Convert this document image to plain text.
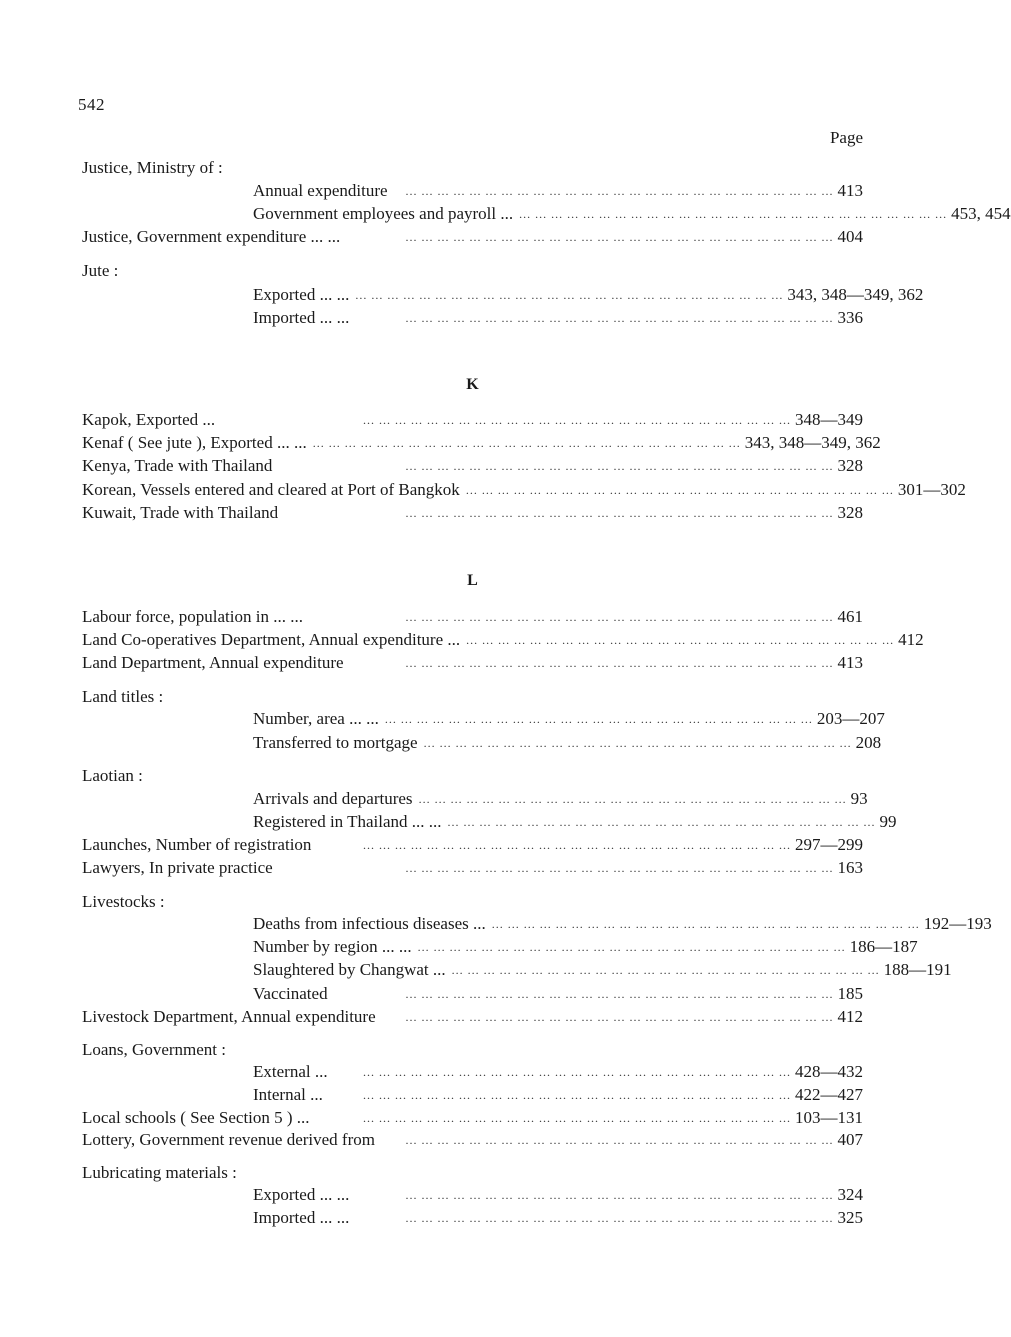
542
Page
Justice, Ministry of :
Annual expenditure	... ... ... ... ... ... ... ... ... ... ... ... ... ... ... ... ... ... ... ... ... ... ... ... ... ... ... 413
Government employees and payroll ... ... ... ... ... ... ... ... ... ... ... ... ... ... ... ... ... ... ... ... ... ... ... ... ... ... ... ... 453, 454
Justice, Government expenditure ... ...	... ... ... ... ... ... ... ... ... ... ... ... ... ... ... ... ... ... ... ... ... ... ... ... ... ... ... 404
Jute :
Exported ... ... ... ... ... ... ... ... ... ... ... ... ... ... ... ... ... ... ... ... ... ... ... ... ... ... ... ... ... 343, 348—349, 362
Imported ... ...	... ... ... ... ... ... ... ... ... ... ... ... ... ... ... ... ... ... ... ... ... ... ... ... ... ... ... 336
K
Kapok, Exported ...	... ... ... ... ... ... ... ... ... ... ... ... ... ... ... ... ... ... ... ... ... ... ... ... ... ... ... 348—349
Kenaf ( See jute ), Exported ... ... ... ... ... ... ... ... ... ... ... ... ... ... ... ... ... ... ... ... ... ... ... ... ... ... ... ... ... 343, 348—349, 362
Kenya, Trade with Thailand	... ... ... ... ... ... ... ... ... ... ... ... ... ... ... ... ... ... ... ... ... ... ... ... ... ... ... 328
Korean, Vessels entered and cleared at Port of Bangkok ... ... ... ... ... ... ... ... ... ... ... ... ... ... ... ... ... ... ... ... ... ... ... ... ... ... ... 301—302
Kuwait, Trade with Thailand	... ... ... ... ... ... ... ... ... ... ... ... ... ... ... ... ... ... ... ... ... ... ... ... ... ... ... 328
L
Labour force, population in ... ...	... ... ... ... ... ... ... ... ... ... ... ... ... ... ... ... ... ... ... ... ... ... ... ... ... ... ... 461
Land Co-operatives Department, Annual expenditure ... ... ... ... ... ... ... ... ... ... ... ... ... ... ... ... ... ... ... ... ... ... ... ... ... ... ... ... 412
Land Department, Annual expenditure	... ... ... ... ... ... ... ... ... ... ... ... ... ... ... ... ... ... ... ... ... ... ... ... ... ... ... 413
Land titles :
Number, area ... ... ... ... ... ... ... ... ... ... ... ... ... ... ... ... ... ... ... ... ... ... ... ... ... ... ... ... ... 203—207
Transferred to mortgage ... ... ... ... ... ... ... ... ... ... ... ... ... ... ... ... ... ... ... ... ... ... ... ... ... ... ... 208
Laotian :
Arrivals and departures ... ... ... ... ... ... ... ... ... ... ... ... ... ... ... ... ... ... ... ... ... ... ... ... ... ... ... 93
Registered in Thailand ... ... ... ... ... ... ... ... ... ... ... ... ... ... ... ... ... ... ... ... ... ... ... ... ... ... ... ... ... 99
Launches, Number of registration	... ... ... ... ... ... ... ... ... ... ... ... ... ... ... ... ... ... ... ... ... ... ... ... ... ... ... 297—299
Lawyers, In private practice	... ... ... ... ... ... ... ... ... ... ... ... ... ... ... ... ... ... ... ... ... ... ... ... ... ... ... 163
Livestocks :
Deaths from infectious diseases ... ... ... ... ... ... ... ... ... ... ... ... ... ... ... ... ... ... ... ... ... ... ... ... ... ... ... ... 192—193
Number by region ... ... ... ... ... ... ... ... ... ... ... ... ... ... ... ... ... ... ... ... ... ... ... ... ... ... ... ... ... 186—187
Slaughtered by Changwat ... ... ... ... ... ... ... ... ... ... ... ... ... ... ... ... ... ... ... ... ... ... ... ... ... ... ... ... 188—191
Vaccinated	... ... ... ... ... ... ... ... ... ... ... ... ... ... ... ... ... ... ... ... ... ... ... ... ... ... ... 185
Livestock Department, Annual expenditure	... ... ... ... ... ... ... ... ... ... ... ... ... ... ... ... ... ... ... ... ... ... ... ... ... ... ... 412
Loans, Government :
External ...	... ... ... ... ... ... ... ... ... ... ... ... ... ... ... ... ... ... ... ... ... ... ... ... ... ... ... 428—432
Internal ...	... ... ... ... ... ... ... ... ... ... ... ... ... ... ... ... ... ... ... ... ... ... ... ... ... ... ... 422—427
Local schools ( See Section 5 ) ...	... ... ... ... ... ... ... ... ... ... ... ... ... ... ... ... ... ... ... ... ... ... ... ... ... ... ... 103—131
Lottery, Government revenue derived from	... ... ... ... ... ... ... ... ... ... ... ... ... ... ... ... ... ... ... ... ... ... ... ... ... ... ... 407
Lubricating materials :
Exported ... ...	... ... ... ... ... ... ... ... ... ... ... ... ... ... ... ... ... ... ... ... ... ... ... ... ... ... ... 324
Imported ... ...	... ... ... ... ... ... ... ... ... ... ... ... ... ... ... ... ... ... ... ... ... ... ... ... ... ... ... 325
